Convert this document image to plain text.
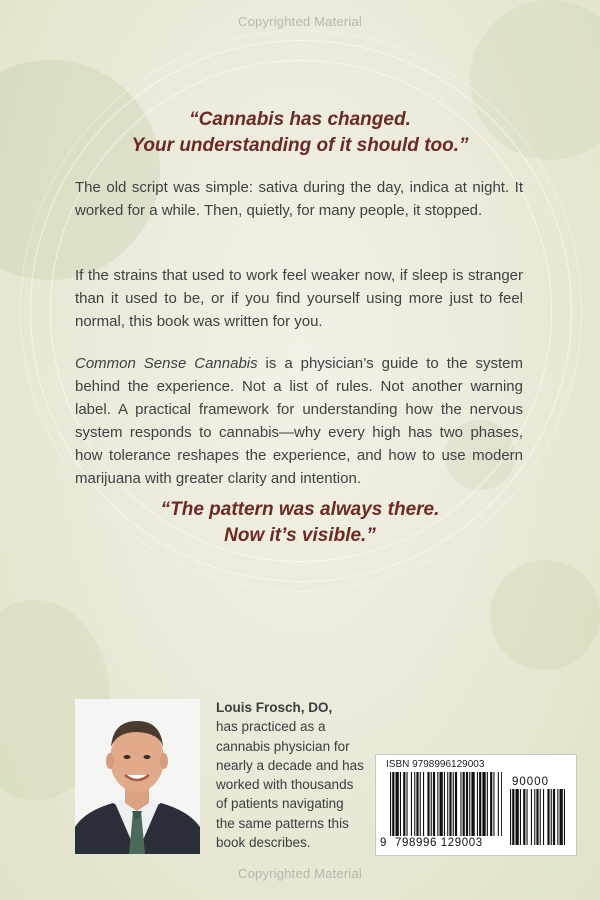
Copyrighted Material
“Cannabis has changed.
Your understanding of it should too.”
The old script was simple: sativa during the day, indica at night. It worked for a while. Then, quietly, for many people, it stopped.
If the strains that used to work feel weaker now, if sleep is stranger than it used to be, or if you find yourself using more just to feel normal, this book was written for you.
Common Sense Cannabis is a physician’s guide to the system behind the experience. Not a list of rules. Not another warning label. A practical framework for understanding how the nervous system responds to cannabis—why every high has two phases, how tolerance reshapes the experience, and how to use modern marijuana with greater clarity and intention.
“The pattern was always there.
Now it’s visible.”
Louis Frosch, DO,
has practiced as a cannabis physician for nearly a decade and has worked with thousands of patients navigating the same patterns this book describes.
ISBN 9798996129003
90000
9 798996 129003
Copyrighted Material
